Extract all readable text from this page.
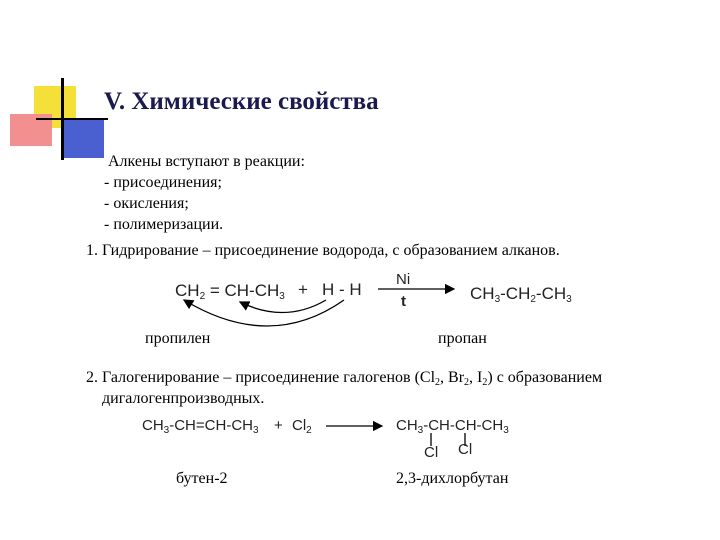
V. Химические свойства
Алкены вступают в реакции:
- присоединения;
- окисления;
- полимеризации.
1. Гидрирование – присоединение водорода, с образованием алканов.
$CH_2 = CH-CH_3 + H - H$
Ni
t	$CH_3-CH_2-CH_3$
пропилен	пропан
2. Галогенирование – присоединение галогенов ($Cl_2$, $Br_2$, $I_2$) с образованием
дигалогенпроизводных.
$CH_3-CH=CH-CH_3 + Cl_2$	$CH_3-CH-CH-CH_3$
Cl Cl
бутен-2	2,3-дихлорбутан
